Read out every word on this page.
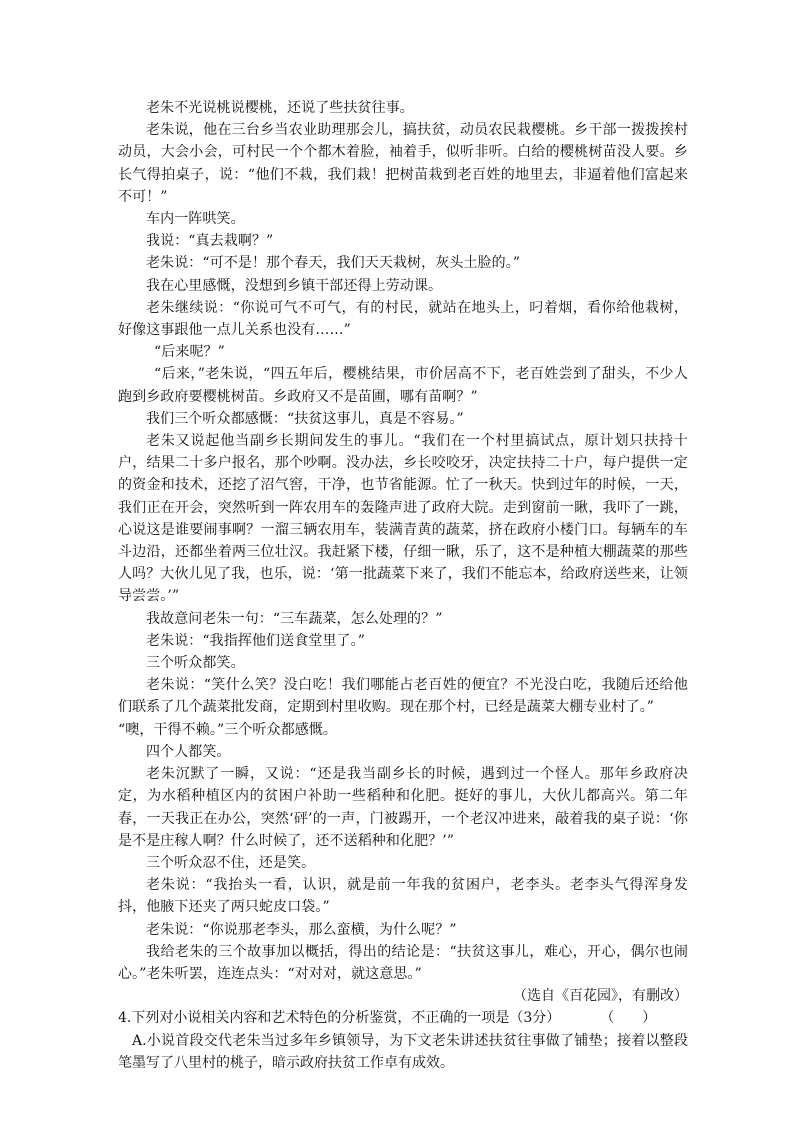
老朱不光说桃说樱桃，还说了些扶贫往事。

老朱说，他在三台乡当农业助理那会儿，搞扶贫，动员农民栽樱桃。乡干部一拨拨挨村动员，大会小会，可村民一个个都木着脸，袖着手，似听非听。白给的樱桃树苗没人要。乡长气得拍桌子，说：“他们不栽，我们栽！把树苗栽到老百姓的地里去，非逼着他们富起来不可！”

车内一阵哄笑。

我说：“真去栽啊？”

老朱说：“可不是！那个春天，我们天天栽树，灰头土脸的。”

我在心里感慨，没想到乡镇干部还得上劳动课。

老朱继续说：“你说可气不可气，有的村民，就站在地头上，叼着烟，看你给他栽树，好像这事跟他一点儿关系也没有……”

“后来呢？”

“后来，”老朱说，“四五年后，樱桃结果，市价居高不下，老百姓尝到了甜头，不少人跑到乡政府要樱桃树苗。乡政府又不是苗圃，哪有苗啊？”

我们三个听众都感慨：“扶贫这事儿，真是不容易。”

老朱又说起他当副乡长期间发生的事儿。“我们在一个村里搞试点，原计划只扶持十户，结果二十多户报名，那个吵啊。没办法，乡长咬咬牙，决定扶持二十户，每户提供一定的资金和技术，还挖了沼气窖，干净，也节省能源。忙了一秋天。快到过年的时候，一天，我们正在开会，突然听到一阵农用车的轰隆声进了政府大院。走到窗前一瞅，我吓了一跳，心说这是谁要闹事啊？一溜三辆农用车，装满青黄的蔬菜，挤在政府小楼门口。每辆车的车斗边沿，还都坐着两三位壮汉。我赶紧下楼，仔细一瞅，乐了，这不是种植大棚蔬菜的那些人吗？大伙儿见了我，也乐，说：‘第一批蔬菜下来了，我们不能忘本，给政府送些来，让领导尝尝。’”

我故意问老朱一句：“三车蔬菜，怎么处理的？”

老朱说：“我指挥他们送食堂里了。”

三个听众都笑。

老朱说：“笑什么笑？没白吃！我们哪能占老百姓的便宜？不光没白吃，我随后还给他们联系了几个蔬菜批发商，定期到村里收购。现在那个村，已经是蔬菜大棚专业村了。”

“噢，干得不赖。”三个听众都感慨。

四个人都笑。

老朱沉默了一瞬，又说：“还是我当副乡长的时候，遇到过一个怪人。那年乡政府决定，为水稻种植区内的贫困户补助一些稻种和化肥。挺好的事儿，大伙儿都高兴。第二年春，一天我正在办公，突然‘砰’的一声，门被踢开，一个老汉冲进来，敲着我的桌子说：‘你是不是庄稼人啊？什么时候了，还不送稻种和化肥？’”

三个听众忍不住，还是笑。

老朱说：“我抬头一看，认识，就是前一年我的贫困户，老李头。老李头气得浑身发抖，他腋下还夹了两只蛇皮口袋。”

老朱说：“你说那老李头，那么蛮横，为什么呢？”

我给老朱的三个故事加以概括，得出的结论是：“扶贫这事儿，难心，开心，偶尔也闹心。”老朱听罢，连连点头：“对对对，就这意思。”

（选自《百花园》，有删改）

4.下列对小说相关内容和艺术特色的分析鉴赏，不正确的一项是（3分）	（　　）

A.小说首段交代老朱当过多年乡镇领导，为下文老朱讲述扶贫往事做了铺垫；接着以整段笔墨写了八里村的桃子，暗示政府扶贫工作卓有成效。
